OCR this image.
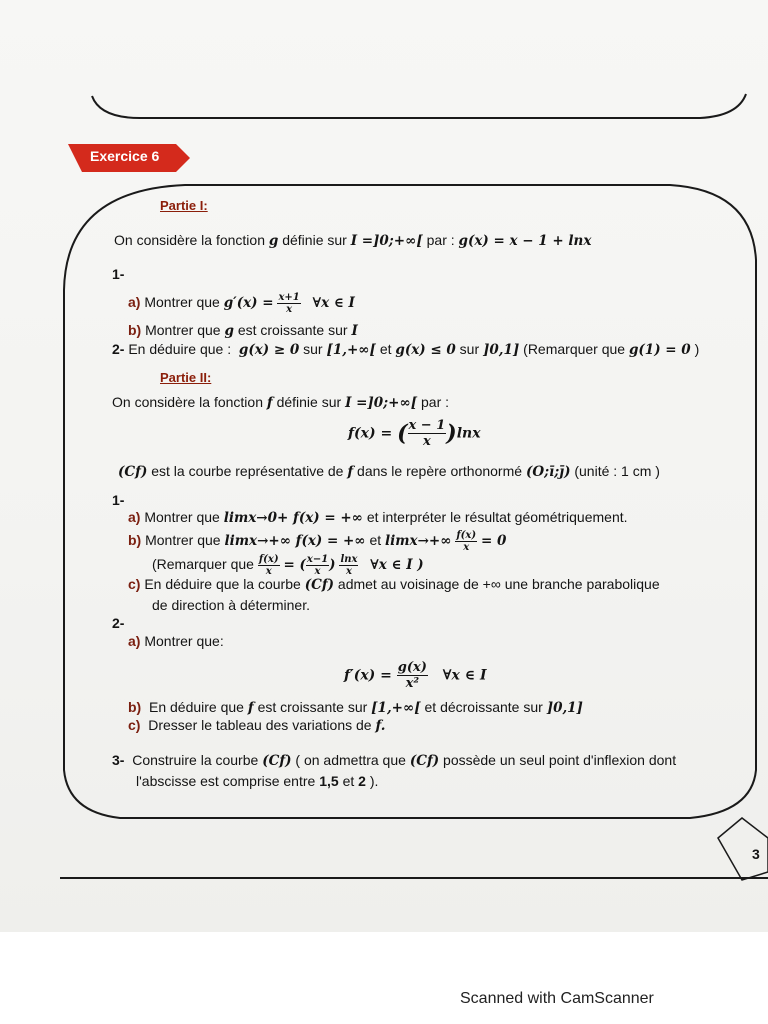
Exercice 6
Partie I:
On considère la fonction g définie sur I =]0;+∞[ par : g(x) = x − 1 + lnx
1-
a) Montrer que $g'(x) = \frac{x+1}{x}$ ∀x ∈ I
b) Montrer que g est croissante sur I
2- En déduire que : g(x) ≥ 0 sur [1,+∞[ et g(x) ≤ 0 sur ]0,1] (Remarquer que g(1) = 0 )
Partie II:
On considère la fonction f définie sur I =]0;+∞[ par :
f(x) = ( $\frac{x - 1}{x} )\ln x$
(Cf) est la courbe représentative de f dans le repère orthonormé (O;ī;j̄) (unité : 1 cm )
1-
a) Montrer que limx→0+ f(x) = +∞ et interpréter le résultat géométriquement.
b) Montrer que limx→+∞ f(x) = +∞ et $\lim x\to+\infty \frac{f(x)}{x} = 0$
(Remarquer que $\frac{f(x)}{x}$ = ( $\frac{x-1}{x}$ ) $\frac{\ln x}{x}$ ∀x ∈ I )
c) En déduire que la courbe (Cf) admet au voisinage de +∞ une branche parabolique
de direction à déterminer.
2-
a) Montrer que:
$f'(x) = \frac{g(x)}{\text{x²}}$ ∀x ∈ I
b) En déduire que f est croissante sur [1,+∞[ et décroissante sur ]0,1]
c) Dresser le tableau des variations de f.
3- Construire la courbe (Cf) ( on admettra que (Cf) possède un seul point d'inflexion dont
l'abscisse est comprise entre 1,5 et 2 ).
3
Scanned with CamScanner
